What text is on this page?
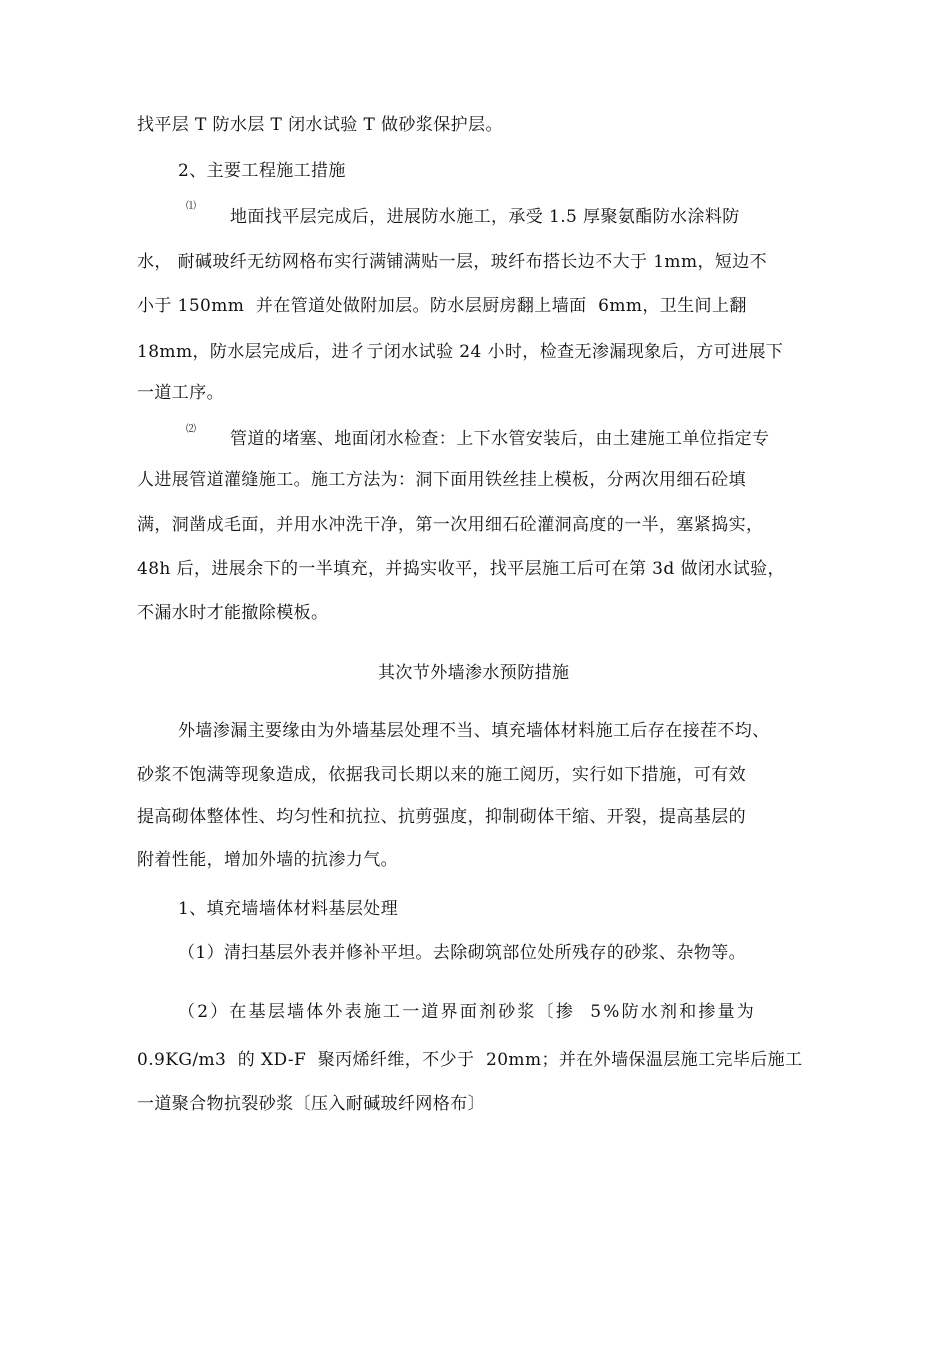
找平层 T 防水层 T 闭水试验 T 做砂浆保护层。
2、主要工程施工措施
⑴
地面找平层完成后，进展防水施工，承受 1.5 厚聚氨酯防水涂料防
水， 耐碱玻纤无纺网格布实行满铺满贴一层，玻纤布搭长边不大于 1mm，短边不
小于 150mm  并在管道处做附加层。防水层厨房翻上墙面  6mm，卫生间上翻
18mm，防水层完成后，进彳亍闭水试验 24 小时，检查无渗漏现象后，方可进展下
一道工序。
⑵ 管道的堵塞、地面闭水检查：上下水管安装后，由土建施工单位指定专
人进展管道灌缝施工。施工方法为：洞下面用铁丝挂上模板，分两次用细石砼填
满，洞凿成毛面，并用水冲洗干净，第一次用细石砼灌洞高度的一半，塞紧捣实，
48h 后，进展余下的一半填充，并捣实收平，找平层施工后可在第 3d 做闭水试验，
不漏水时才能撤除模板。
其次节外墙渗水预防措施
外墙渗漏主要缘由为外墙基层处理不当、填充墙体材料施工后存在接茬不均、
砂浆不饱满等现象造成，依据我司长期以来的施工阅历，实行如下措施，可有效
提高砌体整体性、均匀性和抗拉、抗剪强度，抑制砌体干缩、开裂，提高基层的
附着性能，增加外墙的抗渗力气。
1、填充墙墙体材料基层处理
（1）清扫基层外表并修补平坦。去除砌筑部位处所残存的砂浆、杂物等。
（2）在基层墙体外表施工一道界面剂砂浆〔掺  5%防水剂和掺量为
0.9KG/m3  的 XD-F  聚丙烯纤维，不少于  20mm；并在外墙保温层施工完毕后施工
一道聚合物抗裂砂浆〔压入耐碱玻纤网格布〕
